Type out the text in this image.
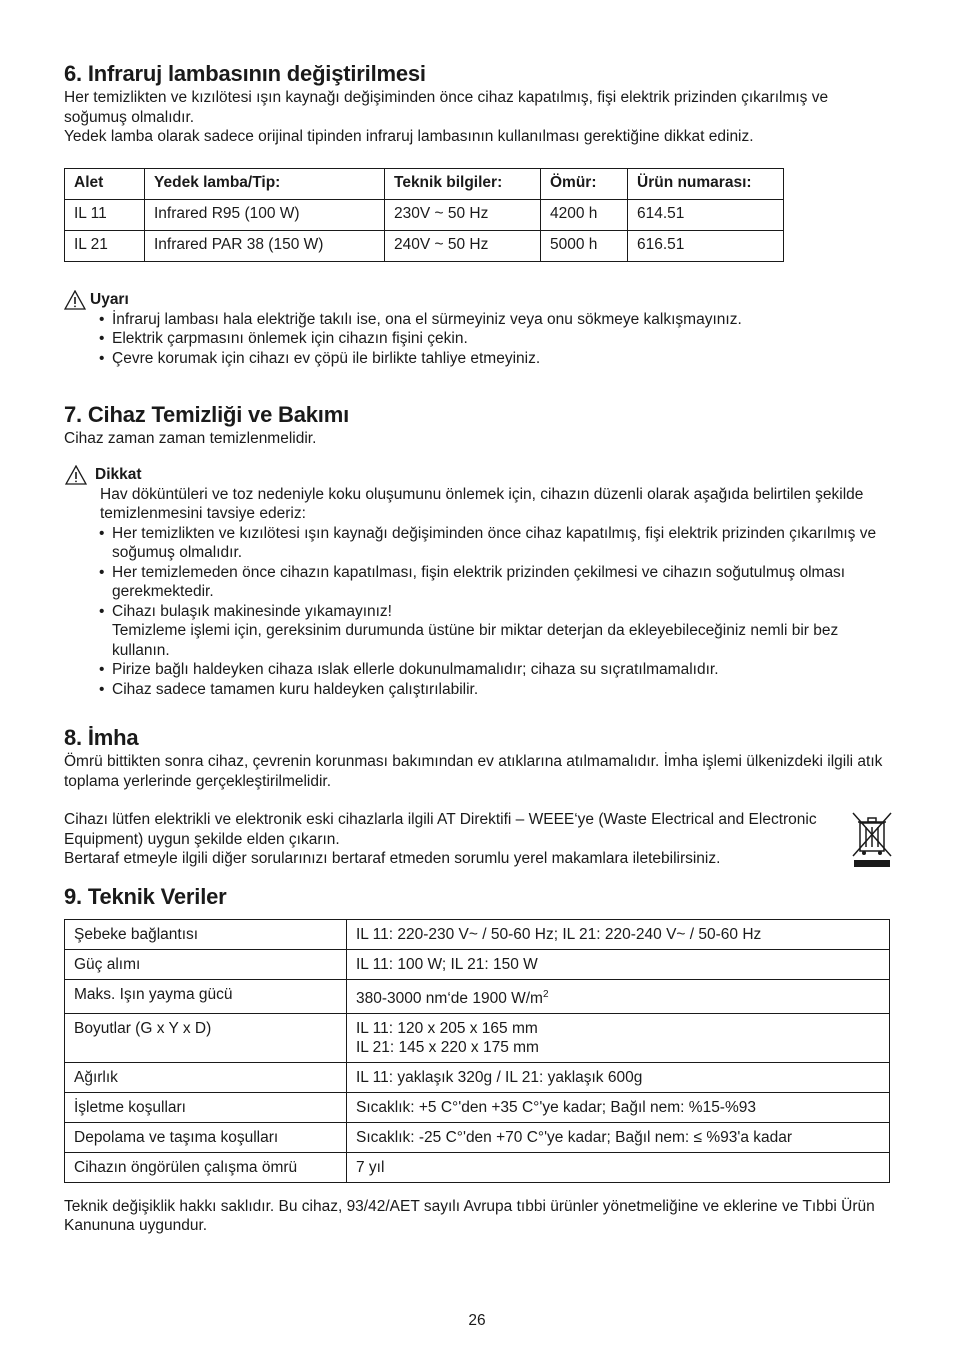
6. Infraruj lambasının değiştirilmesi

Her temizlikten ve kızılötesi ışın kaynağı değişiminden önce cihaz kapatılmış, fişi elektrik prizinden çıkarılmış ve soğumuş olmalıdır.

Yedek lamba olarak sadece orijinal tipinden infraruj lambasının kullanılması gerektiğine dikkat ediniz.

Alet	Yedek lamba/Tip:	Teknik bilgiler:	Ömür:	Ürün numarası:
IL 11	Infrared R95 (100 W)	230V ~ 50 Hz	4200 h	614.51
IL 21	Infrared PAR 38 (150 W)	240V ~ 50 Hz	5000 h	616.51
Uyarı
• İnfraruj lambası hala elektriğe takılı ise, ona el sürmeyiniz veya onu sökmeye kalkışmayınız.
• Elektrik çarpmasını önlemek için cihazın fişini çekin.
• Çevre korumak için cihazı ev çöpü ile birlikte tahliye etmeyiniz.
7. Cihaz Temizliği ve Bakımı

Cihaz zaman zaman temizlenmelidir.

Dikkat

Hav döküntüleri ve toz nedeniyle koku oluşumunu önlemek için, cihazın düzenli olarak aşağıda belirtilen şekilde temizlenmesini tavsiye ederiz:

• Her temizlikten ve kızılötesi ışın kaynağı değişiminden önce cihaz kapatılmış, fişi elektrik prizinden çıkarılmış ve soğumuş olmalıdır.
• Her temizlemeden önce cihazın kapatılması, fişin elektrik prizinden çekilmesi ve cihazın soğutulmuş olması gerekmektedir.
• Cihazı bulaşık makinesinde yıkamayınız!
Temizleme işlemi için, gereksinim durumunda üstüne bir miktar deterjan da ekleyebileceğiniz nemli bir bez kullanın.
• Pirize bağlı haldeyken cihaza ıslak ellerle dokunulmamalıdır; cihaza su sıçratılmamalıdır.
• Cihaz sadece tamamen kuru haldeyken çalıştırılabilir.
8. İmha

Ömrü bittikten sonra cihaz, çevrenin korunması bakımından ev atıklarına atılmamalıdır. İmha işlemi ülkenizdeki ilgili atık toplama yerlerinde gerçekleştirilmelidir.

Cihazı lütfen elektrikli ve elektronik eski cihazlarla ilgili AT Direktifi – WEEE‘ye (Waste Electrical and Electronic Equipment) uygun şekilde elden çıkarın.

Bertaraf etmeyle ilgili diğer sorularınızı bertaraf etmeden sorumlu yerel makamlara iletebilirsiniz.

9. Teknik Veriler
Şebeke bağlantısı	IL 11: 220-230 V~ / 50-60 Hz; IL 21: 220-240 V~ / 50-60 Hz
Güç alımı	IL 11: 100 W; IL 21: 150 W
Maks. Işın yayma gücü	380-3000 nm‘de 1900 $W/m^2$
Boyutlar (G x Y x D)	IL 11: 120 x 205 x 165 mm
IL 21: 145 x 220 x 175 mm
Ağırlık	IL 11: yaklaşık 320g / IL 21: yaklaşık 600g
İşletme koşulları	Sıcaklık: +5 C°'den +35 C°'ye kadar; Bağıl nem: %15-%93
Depolama ve taşıma koşulları	Sıcaklık: -25 C°'den +70 C°'ye kadar; Bağıl nem: ≤ %93'a kadar
Cihazın öngörülen çalışma ömrü	7 yıl

Teknik değişiklik hakkı saklıdır. Bu cihaz, 93/42/AET sayılı Avrupa tıbbi ürünler yönetmeliğine ve eklerine ve Tıbbi Ürün Kanununa uygundur.

26
